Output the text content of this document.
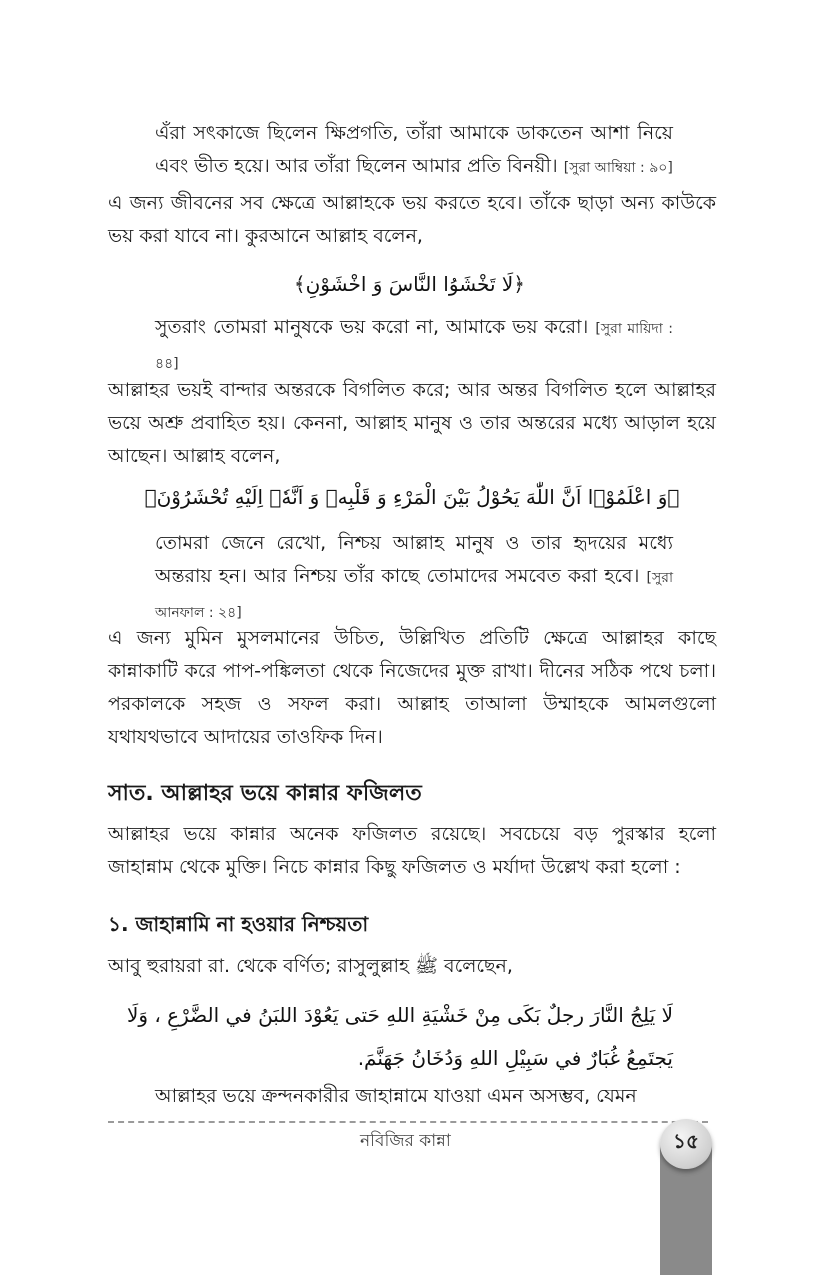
এঁরা সৎকাজে ছিলেন ক্ষিপ্রগতি, তাঁরা আমাকে ডাকতেন আশা নিয়ে এবং ভীত হয়ে। আর তাঁরা ছিলেন আমার প্রতি বিনয়ী। [সুরা আম্বিয়া : ৯০]

এ জন্য জীবনের সব ক্ষেত্রে আল্লাহকে ভয় করতে হবে। তাঁকে ছাড়া অন্য কাউকে ভয় করা যাবে না। কুরআনে আল্লাহ বলেন,

﴿لَا تَخْشَوُا النَّاسَ وَ اخْشَوْنِ﴾

সুতরাং তোমরা মানুষকে ভয় করো না, আমাকে ভয় করো। [সুরা মায়িদা : ৪৪]

আল্লাহর ভয়ই বান্দার অন্তরকে বিগলিত করে; আর অন্তর বিগলিত হলে আল্লাহর ভয়ে অশ্রু প্রবাহিত হয়। কেননা, আল্লাহ মানুষ ও তার অন্তরের মধ্যে আড়াল হয়ে আছেন। আল্লাহ বলেন,

﴿وَ اعْلَمُوْۤا اَنَّ اللّٰهَ يَحُوْلُ بَيْنَ الْمَرْءِ وَ قَلْبِهٖ وَ اَنَّهٗۤ اِلَيْهِ تُحْشَرُوْنَ﴾

তোমরা জেনে রেখো, নিশ্চয় আল্লাহ মানুষ ও তার হৃদয়ের মধ্যে অন্তরায় হন। আর নিশ্চয় তাঁর কাছে তোমাদের সমবেত করা হবে। [সুরা আনফাল : ২৪]

এ জন্য মুমিন মুসলমানের উচিত, উল্লিখিত প্রতিটি ক্ষেত্রে আল্লাহর কাছে কান্নাকাটি করে পাপ-পঙ্কিলতা থেকে নিজেদের মুক্ত রাখা। দীনের সঠিক পথে চলা। পরকালকে সহজ ও সফল করা। আল্লাহ তাআলা উম্মাহকে আমলগুলো যথাযথভাবে আদায়ের তাওফিক দিন।

সাত. আল্লাহর ভয়ে কান্নার ফজিলত

আল্লাহর ভয়ে কান্নার অনেক ফজিলত রয়েছে। সবচেয়ে বড় পুরস্কার হলো জাহান্নাম থেকে মুক্তি। নিচে কান্নার কিছু ফজিলত ও মর্যাদা উল্লেখ করা হলো :

১. জাহান্নামি না হওয়ার নিশ্চয়তা

আবু হুরায়রা রা. থেকে বর্ণিত; রাসুলুল্লাহ ﷺ বলেছেন,

لَا يَلِجُ النَّارَ رجلٌ بَكَى مِنْ خَشْيَةِ اللهِ حَتى يَعُوْدَ اللبَنُ في الضَّرْعِ ، وَلَا
يَجتَمِعُ غُبَارٌ في سَبِيْلِ اللهِ وَدُخَانُ جَهَنَّمَ.

আল্লাহর ভয়ে ক্রন্দনকারীর জাহান্নামে যাওয়া এমন অসম্ভব, যেমন

নবিজির কান্না	১৫
